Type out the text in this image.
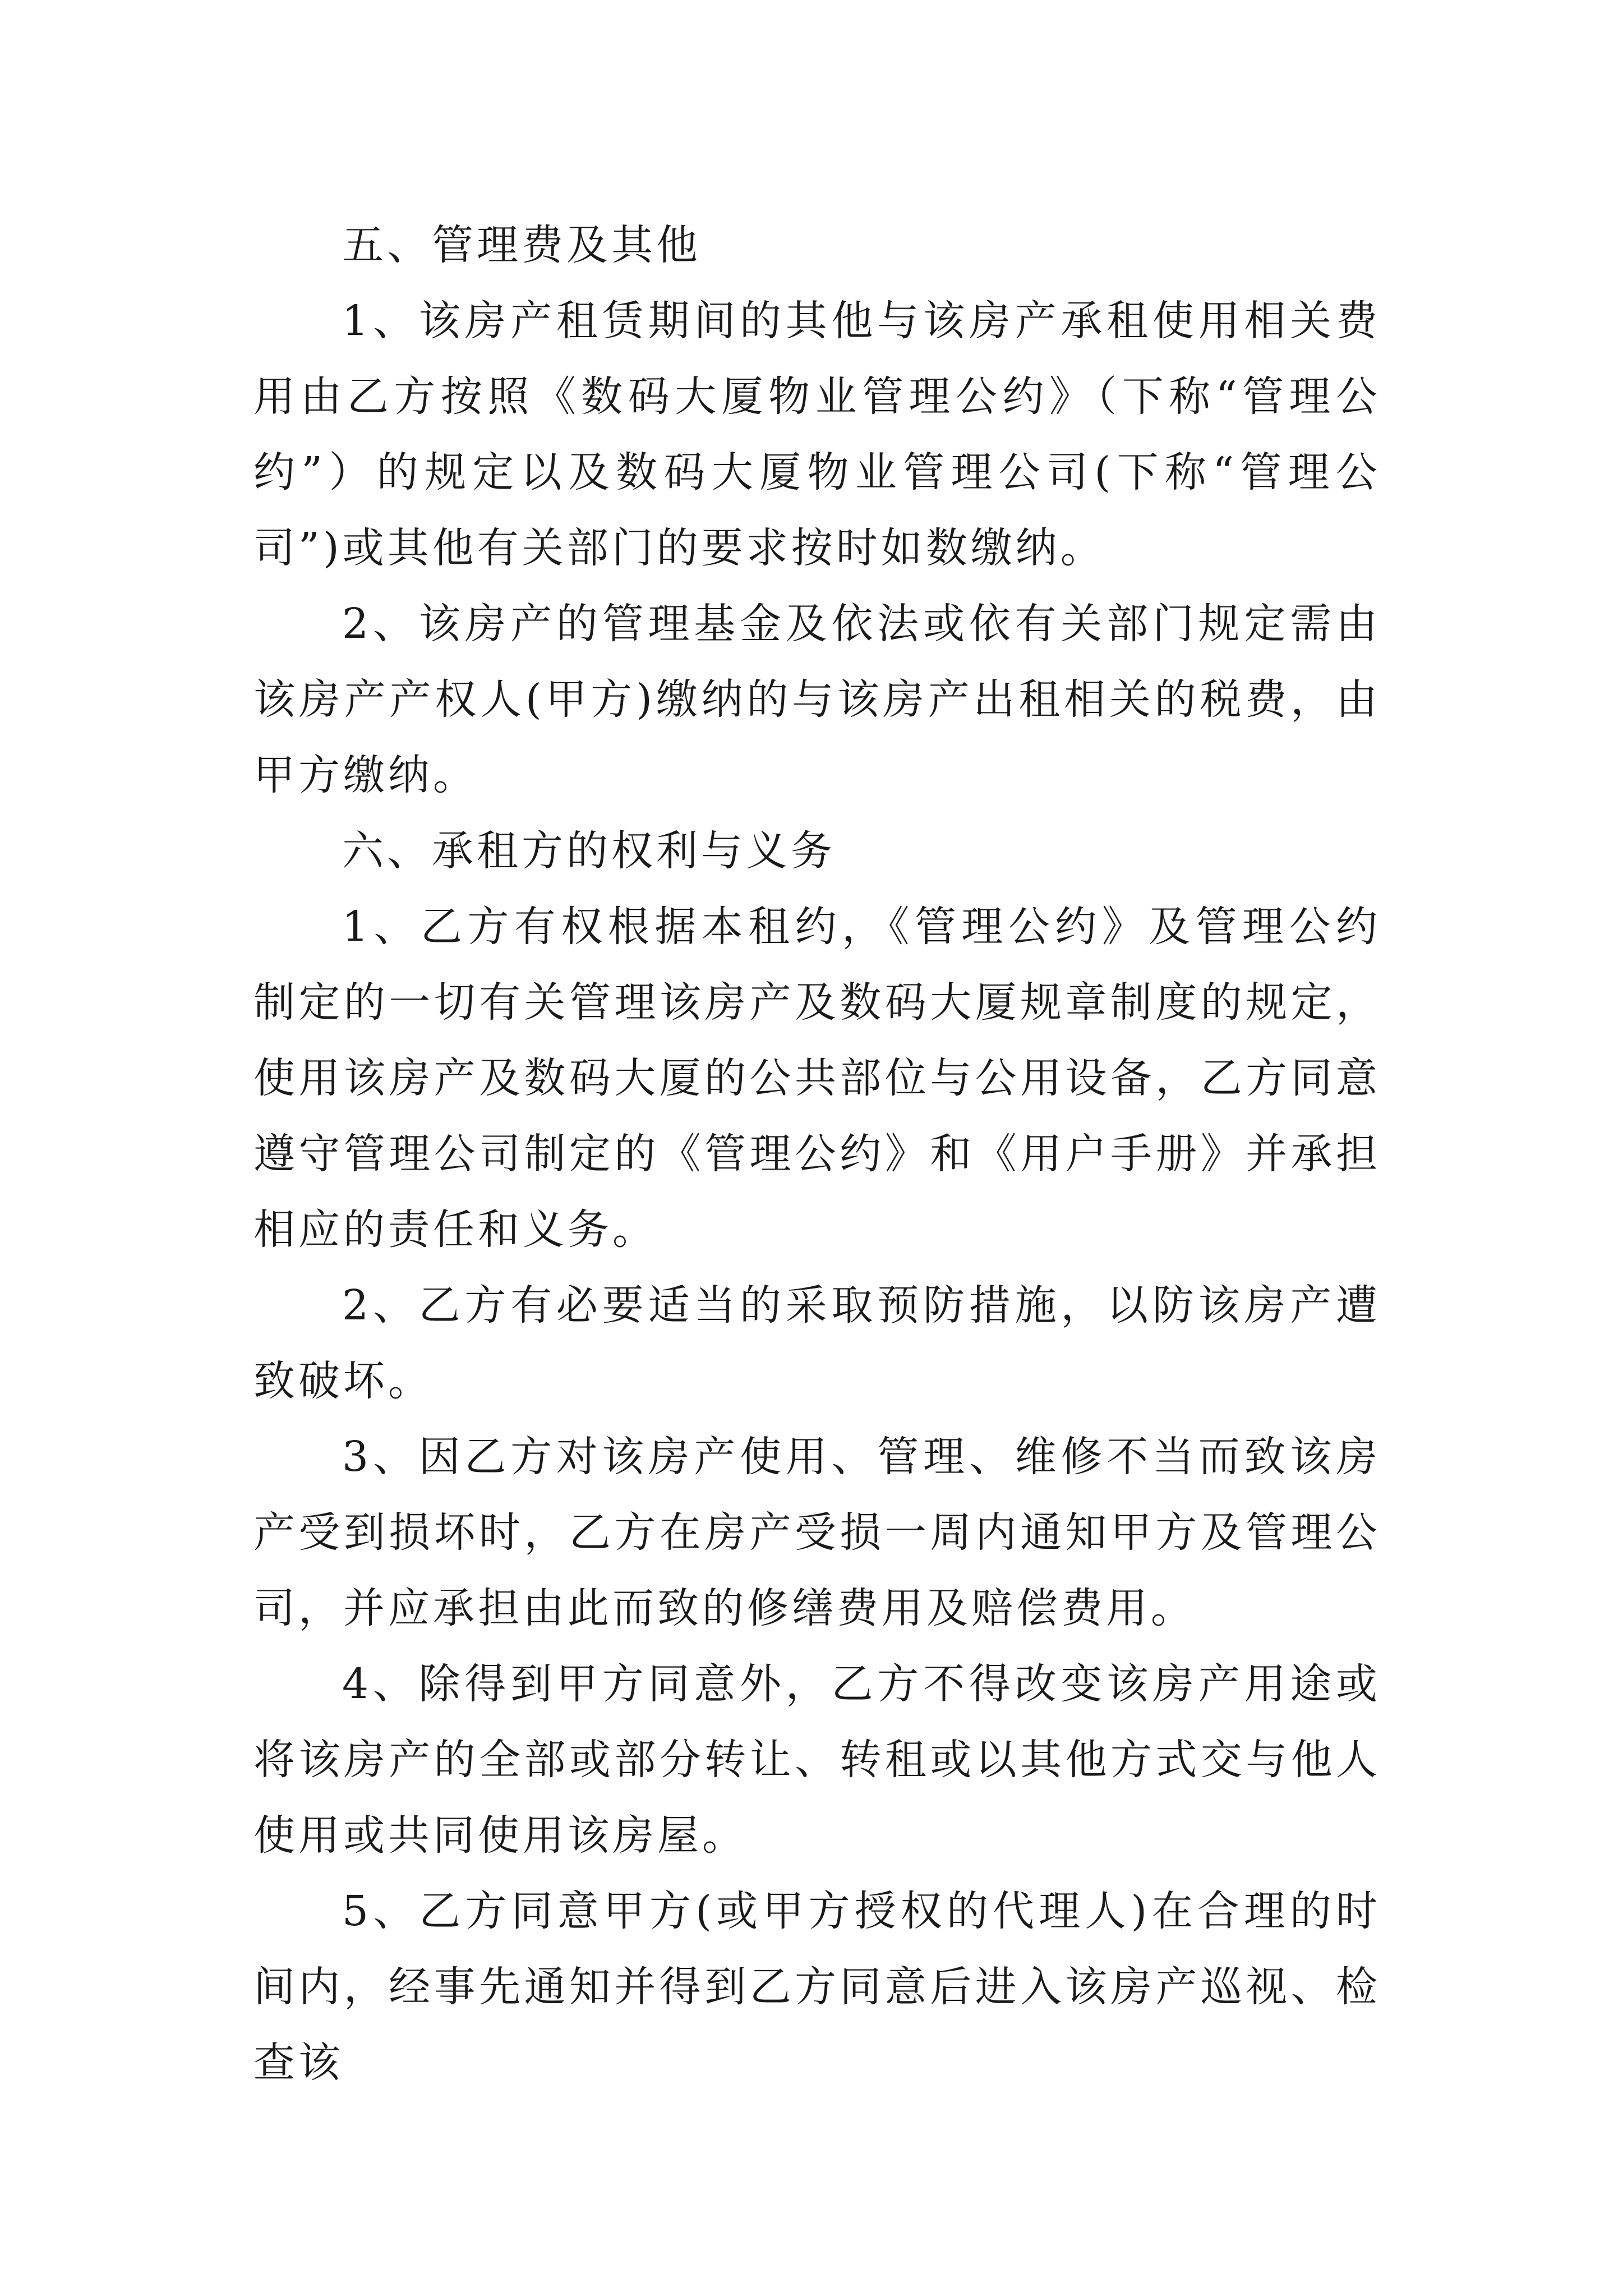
五、管理费及其他

1、该房产租赁期间的其他与该房产承租使用相关费用由乙方按照《数码大厦物业管理公约》（下称“管理公约”）的规定以及数码大厦物业管理公司(下称“管理公司”)或其他有关部门的要求按时如数缴纳。

2、该房产的管理基金及依法或依有关部门规定需由该房产产权人(甲方)缴纳的与该房产出租相关的税费，由甲方缴纳。

六、承租方的权利与义务

1、乙方有权根据本租约，《管理公约》及管理公约制定的一切有关管理该房产及数码大厦规章制度的规定，使用该房产及数码大厦的公共部位与公用设备，乙方同意遵守管理公司制定的《管理公约》和《用户手册》并承担相应的责任和义务。

2、乙方有必要适当的采取预防措施，以防该房产遭致破坏。

3、因乙方对该房产使用、管理、维修不当而致该房产受到损坏时，乙方在房产受损一周内通知甲方及管理公司，并应承担由此而致的修缮费用及赔偿费用。

4、除得到甲方同意外，乙方不得改变该房产用途或将该房产的全部或部分转让、转租或以其他方式交与他人使用或共同使用该房屋。

5、乙方同意甲方(或甲方授权的代理人)在合理的时间内，经事先通知并得到乙方同意后进入该房产巡视、检查该
